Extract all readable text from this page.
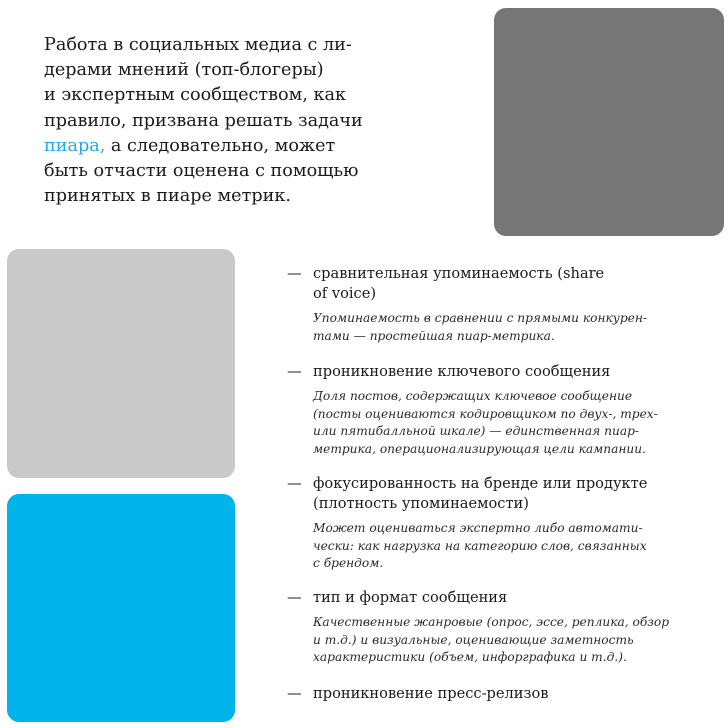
Работа в социальных медиа с ли-
дерами мнений (топ-блогеры)
и экспертным сообществом, как
правило, призвана решать задачи
пиара, а следовательно, может
быть отчасти оценена с помощью
принятых в пиаре метрик.

— сравнительная упоминаемость (share
of voice)

Упоминаемость в сравнении с прямыми конкурен-
тами — простейшая пиар-метрика.

— проникновение ключевого сообщения

Доля постов, содержащих ключевое сообщение
(посты оцениваются кодировщиком по двух-, трех-
или пятибалльной шкале) — единственная пиар-
метрика, операционализирующая цели кампании.

— фокусированность на бренде или продукте
(плотность упоминаемости)

Может оцениваться экспертно либо автомати-
чески: как нагрузка на категорию слов, связанных
с брендом.

— тип и формат сообщения

Качественные жанровые (опрос, эссе, реплика, обзор
и т.д.) и визуальные, оценивающие заметность
характеристики (объем, инфорграфика и т.д.).

— проникновение пресс-релизов
